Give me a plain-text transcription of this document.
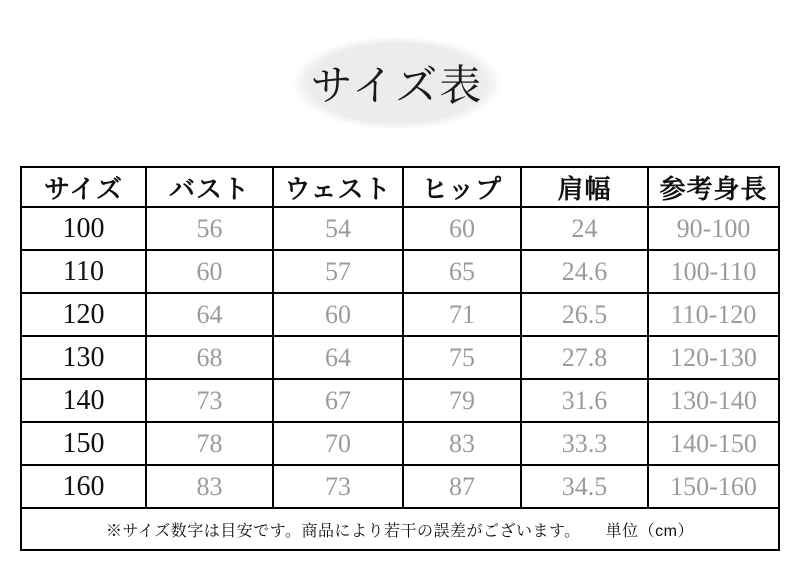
サイズ表
サイズ	バスト	ウェスト	ヒップ	肩幅	参考身長
100	56	54	60	24	90-100
110	60	57	65	24.6	100-110
120	64	60	71	26.5	110-120
130	68	64	75	27.8	120-130
140	73	67	79	31.6	130-140
150	78	70	83	33.3	140-150
160	83	73	87	34.5	150-160
※サイズ数字は目安です。商品により若干の誤差がございます。　　単位（cm）					
